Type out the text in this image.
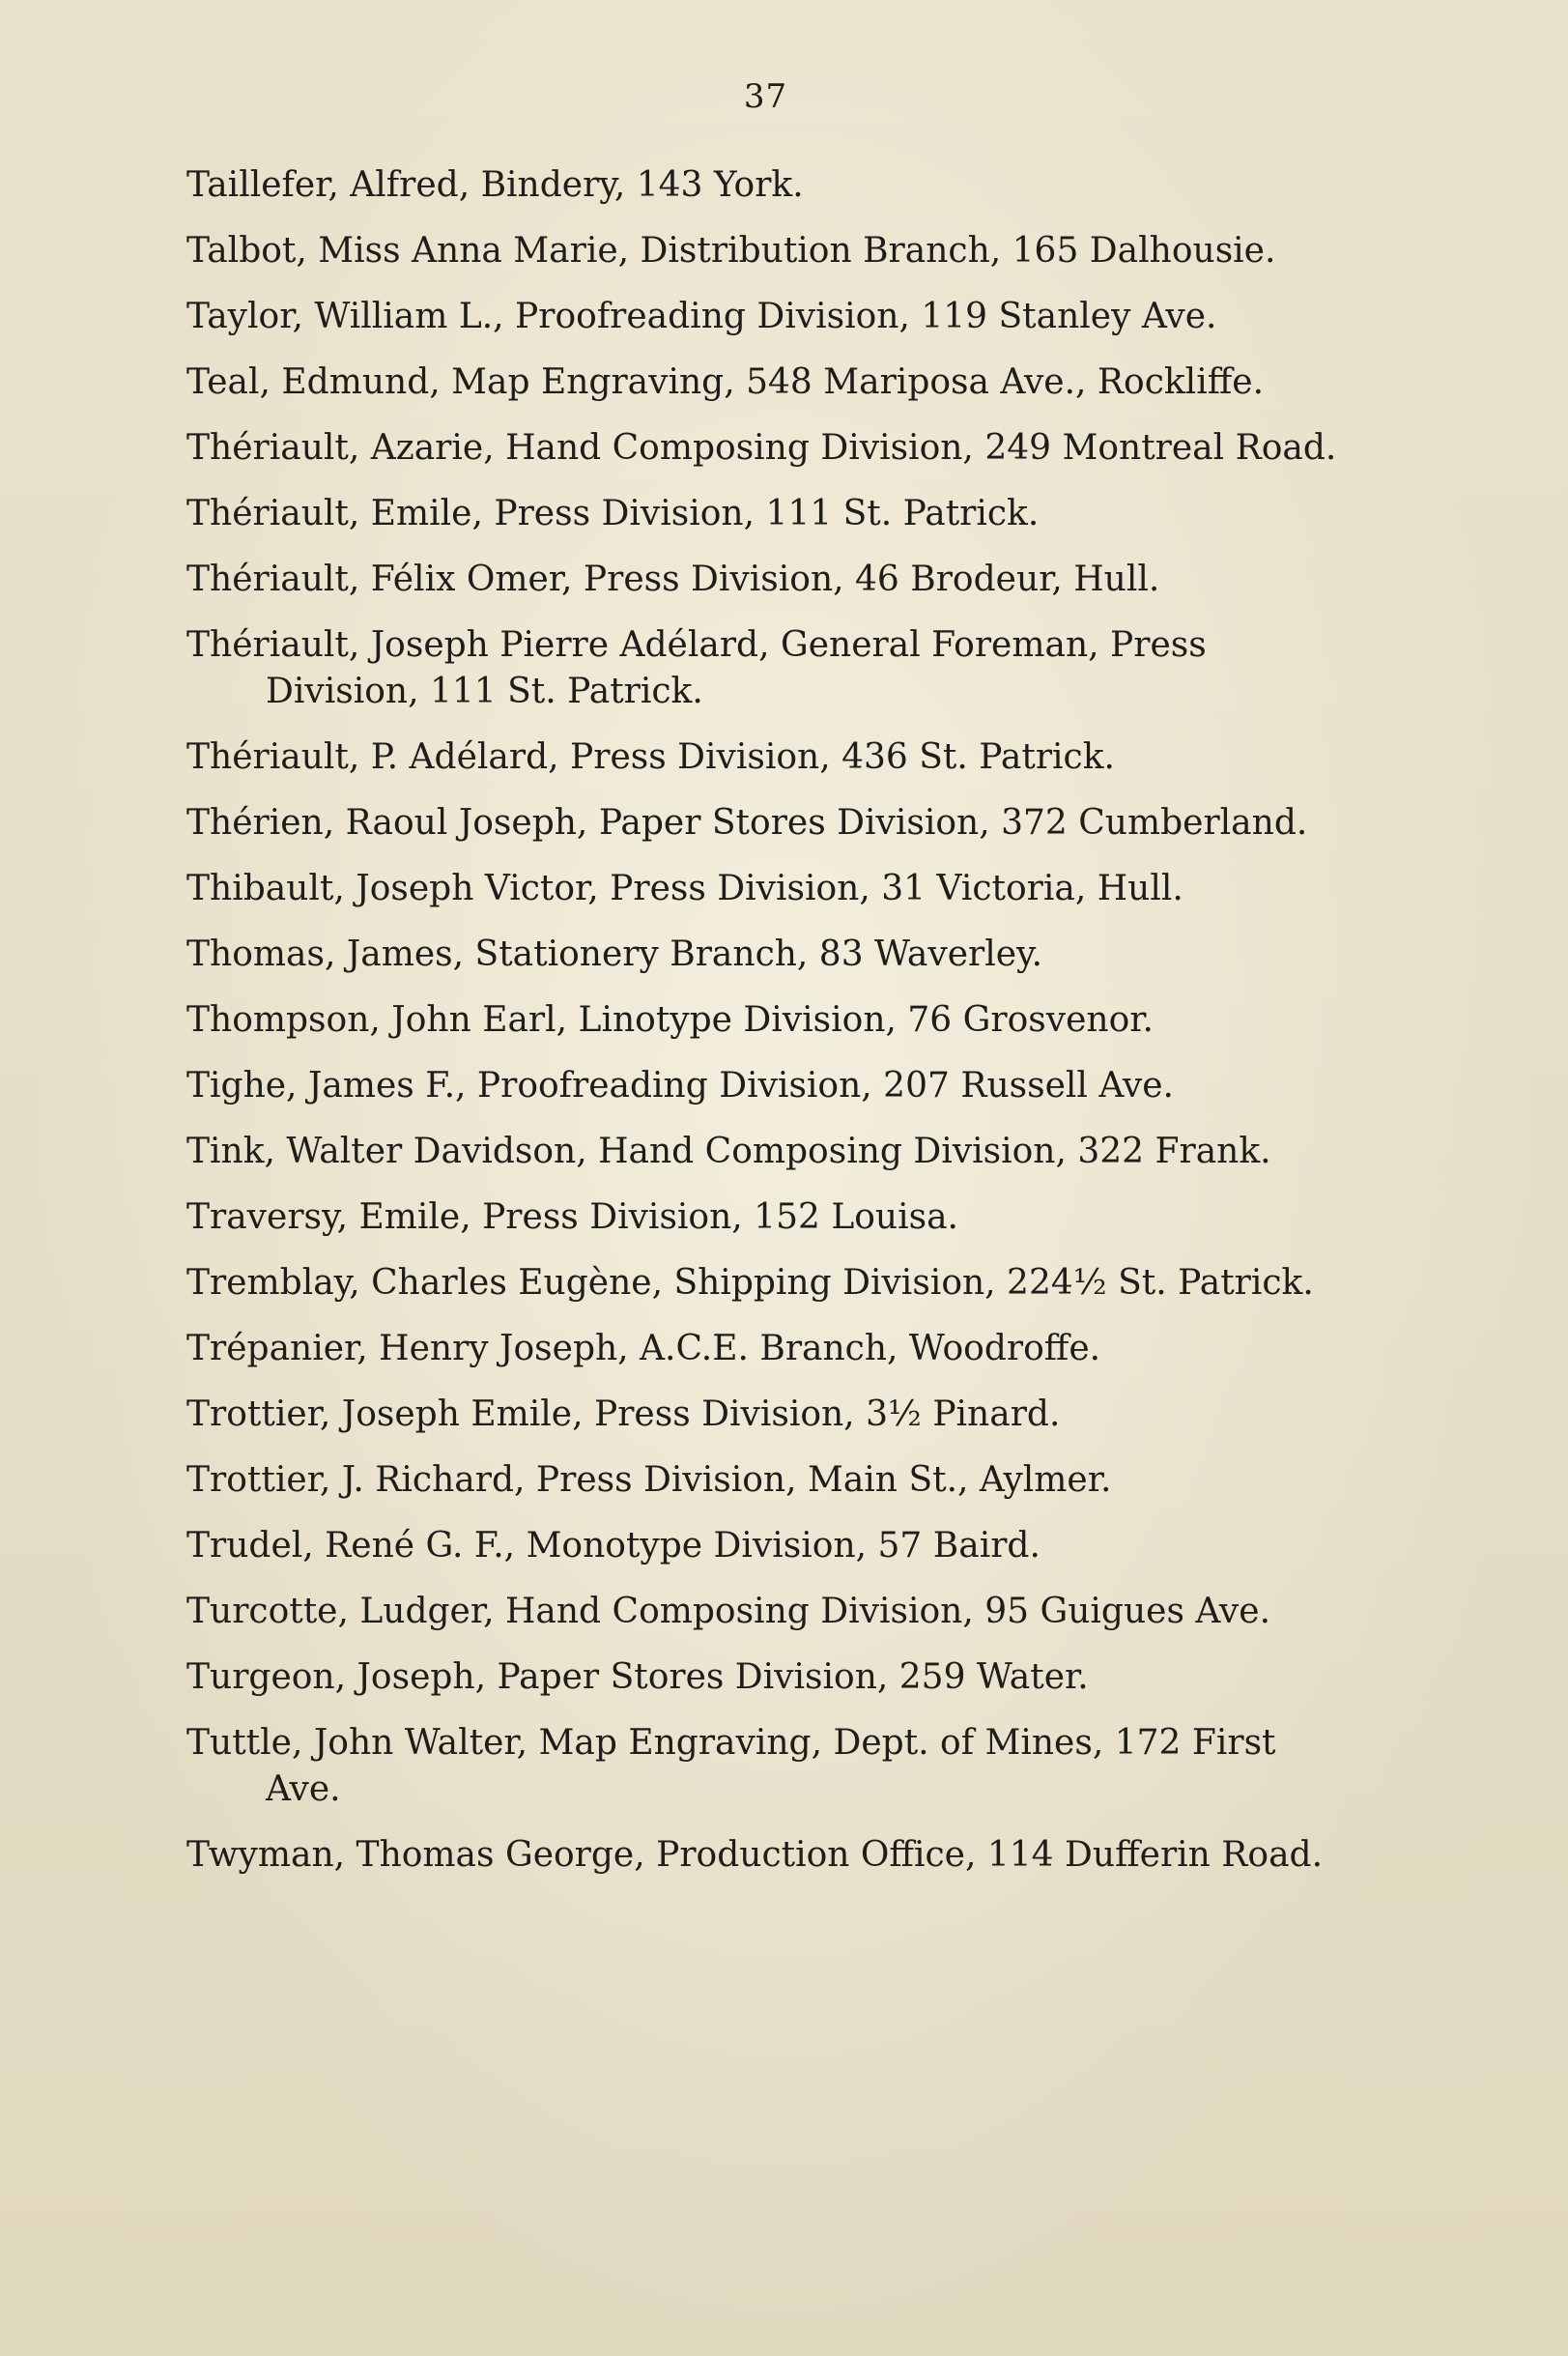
37
Taillefer, Alfred, Bindery, 143 York.
Talbot, Miss Anna Marie, Distribution Branch, 165 Dalhousie.
Taylor, William L., Proofreading Division, 119 Stanley Ave.
Teal, Edmund, Map Engraving, 548 Mariposa Ave., Rockliffe.
Thériault, Azarie, Hand Composing Division, 249 Montreal Road.
Thériault, Emile, Press Division, 111 St. Patrick.
Thériault, Félix Omer, Press Division, 46 Brodeur, Hull.
Thériault, Joseph Pierre Adélard, General Foreman, Press Division, 111 St. Patrick.
Thériault, P. Adélard, Press Division, 436 St. Patrick.
Thérien, Raoul Joseph, Paper Stores Division, 372 Cumberland.
Thibault, Joseph Victor, Press Division, 31 Victoria, Hull.
Thomas, James, Stationery Branch, 83 Waverley.
Thompson, John Earl, Linotype Division, 76 Grosvenor.
Tighe, James F., Proofreading Division, 207 Russell Ave.
Tink, Walter Davidson, Hand Composing Division, 322 Frank.
Traversy, Emile, Press Division, 152 Louisa.
Tremblay, Charles Eugène, Shipping Division, 224½ St. Patrick.
Trépanier, Henry Joseph, A.C.E. Branch, Woodroffe.
Trottier, Joseph Emile, Press Division, 3½ Pinard.
Trottier, J. Richard, Press Division, Main St., Aylmer.
Trudel, René G. F., Monotype Division, 57 Baird.
Turcotte, Ludger, Hand Composing Division, 95 Guigues Ave.
Turgeon, Joseph, Paper Stores Division, 259 Water.
Tuttle, John Walter, Map Engraving, Dept. of Mines, 172 First Ave.
Twyman, Thomas George, Production Office, 114 Dufferin Road.
